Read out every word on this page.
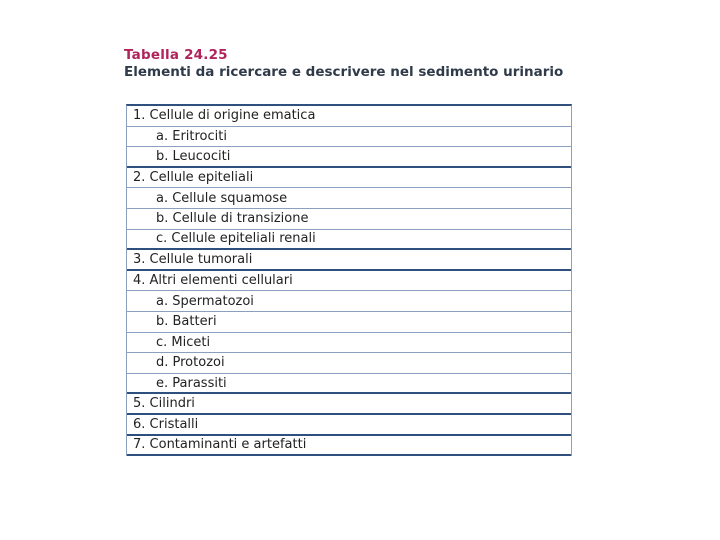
Tabella 24.25

Elementi da ricercare e descrivere nel sedimento urinario

1. Cellule di origine ematica
a. Eritrociti
b. Leucociti
2. Cellule epiteliali
a. Cellule squamose
b. Cellule di transizione
c. Cellule epiteliali renali
3. Cellule tumorali
4. Altri elementi cellulari
a. Spermatozoi
b. Batteri
c. Miceti
d. Protozoi
e. Parassiti
5. Cilindri
6. Cristalli
7. Contaminanti e artefatti
